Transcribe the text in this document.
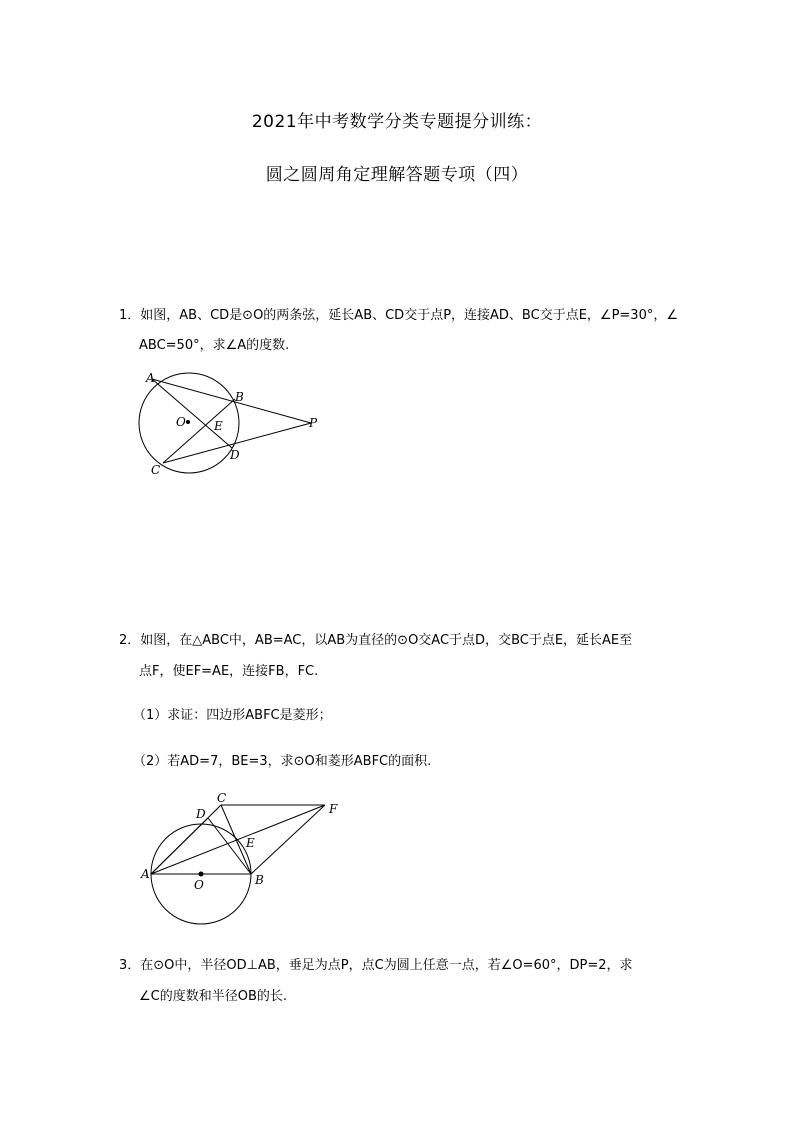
2021年中考数学分类专题提分训练：
圆之圆周角定理解答题专项（四）
1．如图，AB、CD是⊙O的两条弦，延长AB、CD交于点P，连接AD、BC交于点E，∠P=30°，∠
ABC=50°，求∠A的度数.
A
B
O E	P
D
C
C
F
D
E
A	B
O
2．如图，在△ABC中，AB=AC，以AB为直径的⊙O交AC于点D，交BC于点E，延长AE至
点F，使EF=AE，连接FB，FC.
（1）求证：四边形ABFC是菱形；
（2）若AD=7，BE=3，求⊙O和菱形ABFC的面积.
3．在⊙O中，半径OD⊥AB，垂足为点P，点C为圆上任意一点，若∠O=60°，DP=2，求
∠C的度数和半径OB的长.
